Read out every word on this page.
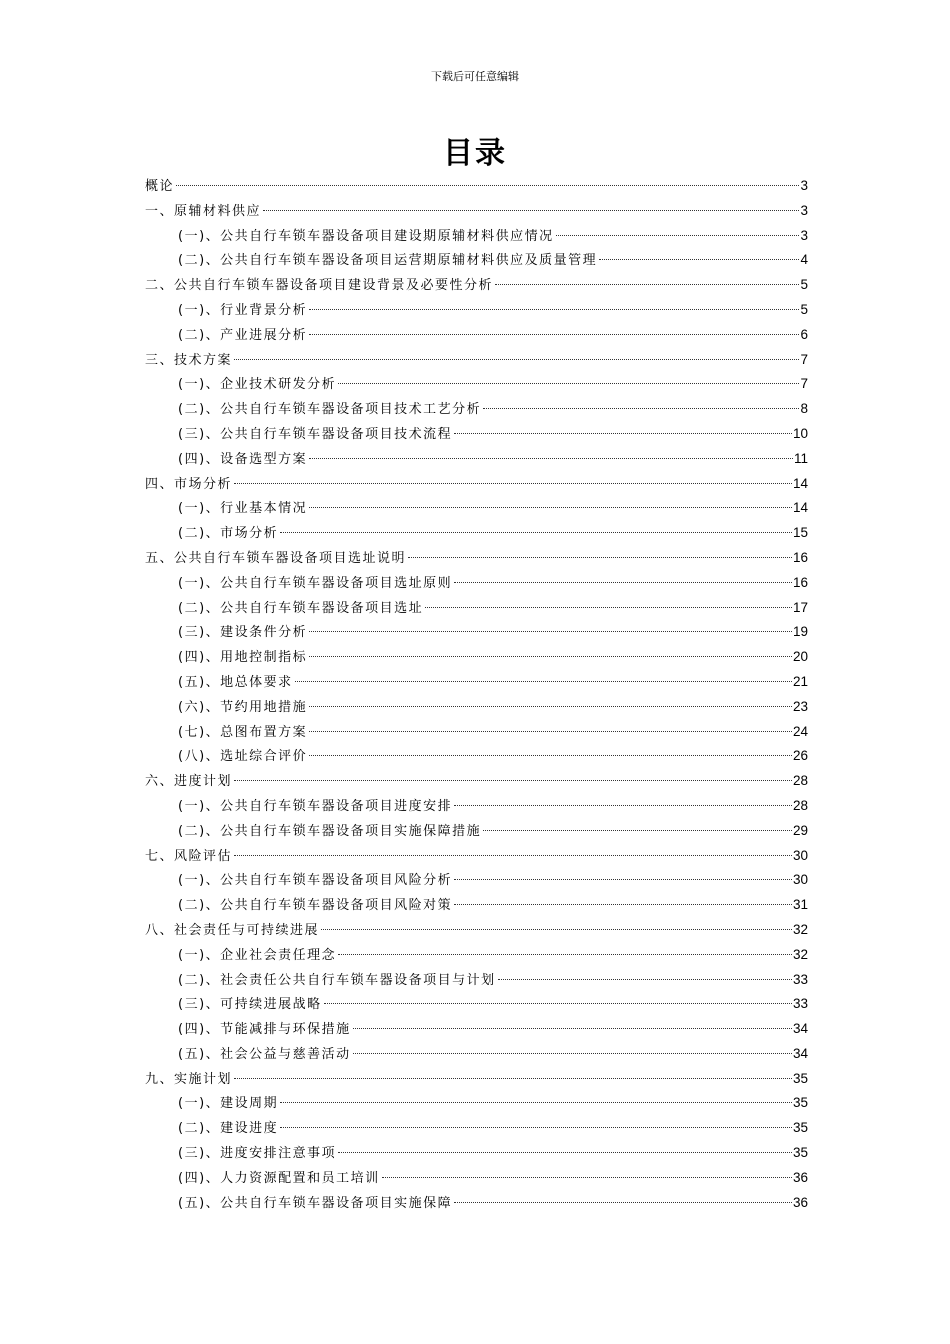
下载后可任意编辑
目录
概论	3
一、原辅材料供应	3
(一)、公共自行车锁车器设备项目建设期原辅材料供应情况	3
(二)、公共自行车锁车器设备项目运营期原辅材料供应及质量管理	4
二、公共自行车锁车器设备项目建设背景及必要性分析	5
(一)、行业背景分析	5
(二)、产业进展分析	6
三、技术方案	7
(一)、企业技术研发分析	7
(二)、公共自行车锁车器设备项目技术工艺分析	8
(三)、公共自行车锁车器设备项目技术流程	10
(四)、设备选型方案	11
四、市场分析	14
(一)、行业基本情况	14
(二)、市场分析	15
五、公共自行车锁车器设备项目选址说明	16
(一)、公共自行车锁车器设备项目选址原则	16
(二)、公共自行车锁车器设备项目选址	17
(三)、建设条件分析	19
(四)、用地控制指标	20
(五)、地总体要求	21
(六)、节约用地措施	23
(七)、总图布置方案	24
(八)、选址综合评价	26
六、进度计划	28
(一)、公共自行车锁车器设备项目进度安排	28
(二)、公共自行车锁车器设备项目实施保障措施	29
七、风险评估	30
(一)、公共自行车锁车器设备项目风险分析	30
(二)、公共自行车锁车器设备项目风险对策	31
八、社会责任与可持续进展	32
(一)、企业社会责任理念	32
(二)、社会责任公共自行车锁车器设备项目与计划	33
(三)、可持续进展战略	33
(四)、节能减排与环保措施	34
(五)、社会公益与慈善活动	34
九、实施计划	35
(一)、建设周期	35
(二)、建设进度	35
(三)、进度安排注意事项	35
(四)、人力资源配置和员工培训	36
(五)、公共自行车锁车器设备项目实施保障	36
